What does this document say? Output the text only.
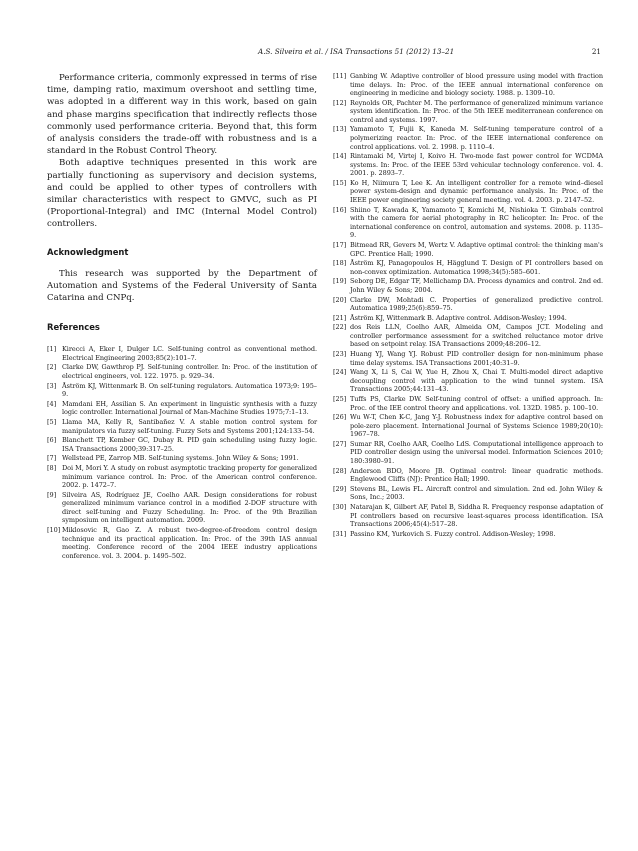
A.S. Silveira et al. / ISA Transactions 51 (2012) 13–21	21

Performance criteria, commonly expressed in terms of rise time, damping ratio, maximum overshoot and settling time, was adopted in a different way in this work, based on gain and phase margins specification that indirectly reflects those commonly used performance criteria. Beyond that, this form of analysis considers the trade-off with robustness and is a standard in the Robust Control Theory.

Both adaptive techniques presented in this work are partially functioning as supervisory and decision systems, and could be applied to other types of controllers with similar characteristics with respect to GMVC, such as PI (Proportional-Integral) and IMC (Internal Model Control) controllers.

Acknowledgment

This research was supported by the Department of Automation and Systems of the Federal University of Santa Catarina and CNPq.

References
[1] Kirecci A, Eker I, Dulger LC. Self-tuning control as conventional method. Electrical Engineering 2003;85(2):101–7.
[2] Clarke DW, Gawthrop PJ. Self-tuning controller. In: Proc. of the institution of electrical engineers, vol. 122. 1975. p. 929–34.
[3] Åström KJ, Wittenmark B. On self-tuning regulators. Automatica 1973;9: 195–9.
[4] Mamdani EH, Assilian S. An experiment in linguistic synthesis with a fuzzy logic controller. International Journal of Man-Machine Studies 1975;7:1–13.
[5] Llama MA, Kelly R, Santibañez V. A stable motion control system for manipulators via fuzzy self-tuning. Fuzzy Sets and Systems 2001;124:133–54.
[6] Blanchett TP, Kember GC, Dubay R. PID gain scheduling using fuzzy logic. ISA Transactions 2000;39:317–25.
[7] Wellstead PE, Zarrop MB. Self-tuning systems. John Wiley & Sons; 1991.
[8] Doi M, Mori Y. A study on robust asymptotic tracking property for generalized minimum variance control. In: Proc. of the American control conference. 2002. p. 1472–7.
[9] Silveira AS, Rodríguez JE, Coelho AAR. Design considerations for robust generalized minimum variance control in a modified 2-DOF structure with direct self-tuning and Fuzzy Scheduling. In: Proc. of the 9th Brazilian symposium on intelligent automation. 2009.
[10] Miklosovic R, Gao Z. A robust two-degree-of-freedom control design technique and its practical application. In: Proc. of the 39th IAS annual meeting. Conference record of the 2004 IEEE industry applications conference. vol. 3. 2004. p. 1495–502.
[11] Ganbing W. Adaptive controller of blood pressure using model with fraction time delays. In: Proc. of the IEEE annual international conference on engineering in medicine and biology society. 1988. p. 1309–10.
[12] Reynolds OR, Pachter M. The performance of generalized minimum variance system identification. In: Proc. of the 5th IEEE mediterranean conference on control and systems. 1997.
[13] Yamamoto T, Fujii K, Kaneda M. Self-tuning temperature control of a polymerizing reactor. In: Proc. of the IEEE international conference on control applications. vol. 2. 1998. p. 1110–4.
[14] Rintamaki M, Virtej I, Koivo H. Two-mode fast power control for WCDMA systems. In: Proc. of the IEEE 53rd vehicular technology conference. vol. 4. 2001. p. 2893–7.
[15] Ko H, Niimura T, Lee K. An intelligent controller for a remote wind–diesel power system-design and dynamic performance analysis. In: Proc. of the IEEE power engineering society general meeting. vol. 4. 2003. p. 2147–52.
[16] Shiino T, Kawada K, Yamamoto T, Komichi M, Nishioka T. Gimbals control with the camera for aerial photography in RC helicopter. In: Proc. of the international conference on control, automation and systems. 2008. p. 1135–9.
[17] Bitmead RR, Gevers M, Wertz V. Adaptive optimal control: the thinking man's GPC. Prentice Hall; 1990.
[18] Åström KJ, Panagopoulos H, Hägglund T. Design of PI controllers based on non-convex optimization. Automatica 1998;34(5):585–601.
[19] Seborg DE, Edgar TF, Mellichamp DA. Process dynamics and control. 2nd ed. John Wiley & Sons; 2004.
[20] Clarke DW, Mohtadi C. Properties of generalized predictive control. Automatica 1989;25(6):859–75.
[21] Åström KJ, Wittenmark B. Adaptive control. Addison-Wesley; 1994.
[22] dos Reis LLN, Coelho AAR, Almeida OM, Campos JCT. Modeling and controller performance assessment for a switched reluctance motor drive based on setpoint relay. ISA Transactions 2009;48:206–12.
[23] Huang YJ, Wang YJ. Robust PID controller design for non-minimum phase time delay systems. ISA Transactions 2001;40:31–9.
[24] Wang X, Li S, Cai W, Yue H, Zhou X, Chai T. Multi-model direct adaptive decoupling control with application to the wind tunnel system. ISA Transactions 2005;44:131–43.
[25] Tuffs PS, Clarke DW. Self-tuning control of offset: a unified approach. In: Proc. of the IEE control theory and applications. vol. 132D. 1985. p. 100–10.
[26] Wu W-T, Chen K-C, Jang Y-J. Robustness index for adaptive control based on pole-zero placement. International Journal of Systems Science 1989;20(10): 1967–78.
[27] Sumar RR, Coelho AAR, Coelho LdS. Computational intelligence approach to PID controller design using the universal model. Information Sciences 2010; 180:3980–91.
[28] Anderson BDO, Moore JB. Optimal control: linear quadratic methods. Englewood Cliffs (NJ): Prentice Hall; 1990.
[29] Stevens BL, Lewis FL. Aircraft control and simulation. 2nd ed. John Wiley & Sons, Inc.; 2003.
[30] Natarajan K, Gilbert AF, Patel B, Siddha R. Frequency response adaptation of PI controllers based on recursive least-squares process identification. ISA Transactions 2006;45(4):517–28.
[31] Passino KM, Yurkovich S. Fuzzy control. Addison-Wesley; 1998.
